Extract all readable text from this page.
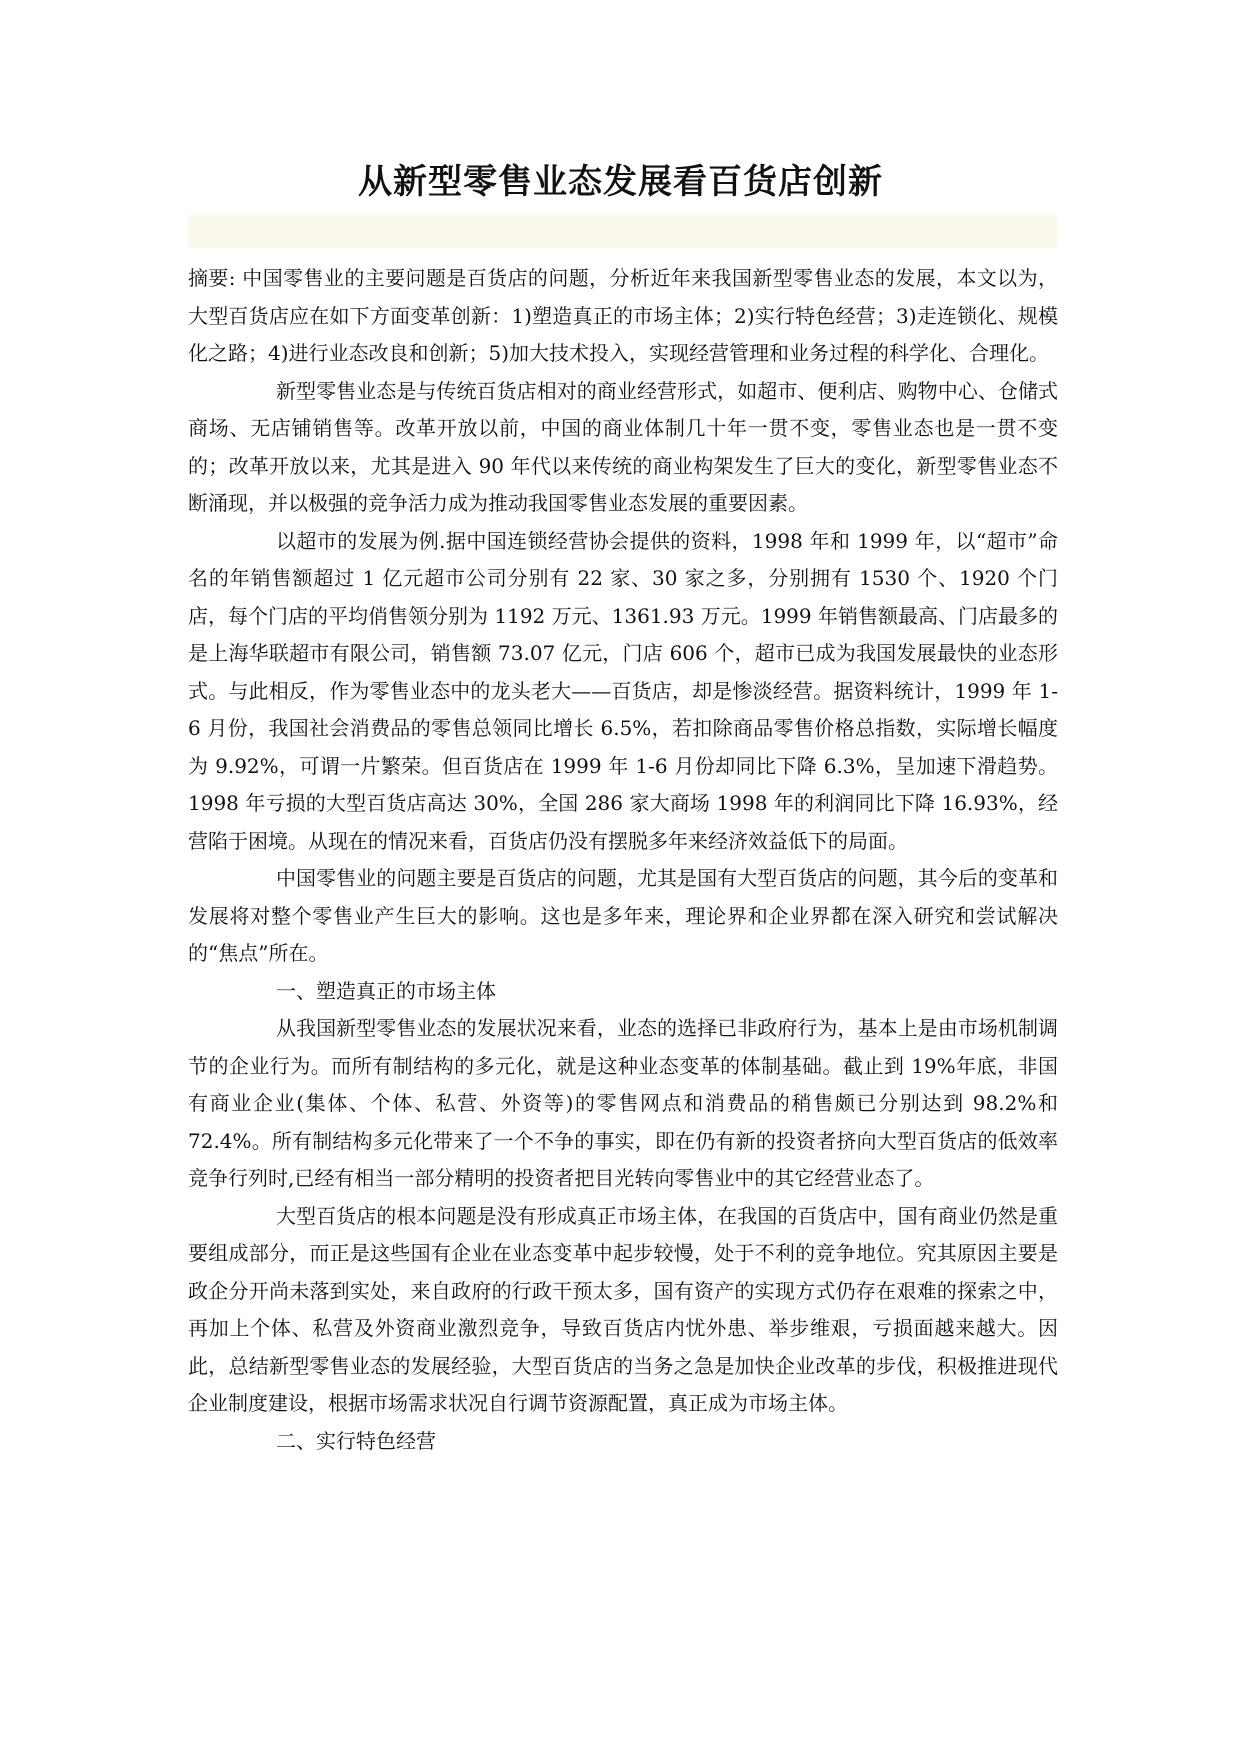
从新型零售业态发展看百货店创新

摘要: 中国零售业的主要问题是百货店的问题，分析近年来我国新型零售业态的发展，本文以为，大型百货店应在如下方面变革创新：1)塑造真正的市场主体；2)实行特色经营；3)走连锁化、规模化之路；4)进行业态改良和创新；5)加大技术投入，实现经营管理和业务过程的科学化、合理化。

新型零售业态是与传统百货店相对的商业经营形式，如超市、便利店、购物中心、仓储式商场、无店铺销售等。改革开放以前，中国的商业体制几十年一贯不变，零售业态也是一贯不变的；改革开放以来，尤其是进入 90 年代以来传统的商业构架发生了巨大的变化，新型零售业态不断涌现，并以极强的竞争活力成为推动我国零售业态发展的重要因素。

以超市的发展为例.据中国连锁经营协会提供的资料，1998 年和 1999 年，以“超市”命名的年销售额超过 1 亿元超市公司分别有 22 家、30 家之多，分别拥有 1530 个、1920 个门店，每个门店的平均俏售领分别为 1192 万元、1361.93 万元。1999 年销售额最高、门店最多的是上海华联超市有限公司，销售额 73.07 亿元，门店 606 个，超市已成为我国发展最快的业态形式。与此相反，作为零售业态中的龙头老大——百货店，却是惨淡经营。据资料统计，1999 年 1-6 月份，我国社会消费品的零售总领同比增长 6.5%，若扣除商品零售价格总指数，实际增长幅度为 9.92%，可谓一片繁荣。但百货店在 1999 年 1-6 月份却同比下降 6.3%，呈加速下滑趋势。1998 年亏损的大型百货店高达 30%，全国 286 家大商场 1998 年的利润同比下降 16.93%，经营陷于困境。从现在的情况来看，百货店仍没有摆脱多年来经济效益低下的局面。

中国零售业的问题主要是百货店的问题，尤其是国有大型百货店的问题，其今后的变革和发展将对整个零售业产生巨大的影响。这也是多年来，理论界和企业界都在深入研究和尝试解决的“焦点”所在。

一、塑造真正的市场主体

从我国新型零售业态的发展状况来看，业态的选择已非政府行为，基本上是由市场机制调节的企业行为。而所有制结构的多元化，就是这种业态变革的体制基础。截止到 19%年底，非国有商业企业(集体、个体、私营、外资等)的零售网点和消费品的稍售颇已分别达到 98.2%和 72.4%。所有制结构多元化带来了一个不争的事实，即在仍有新的投资者挤向大型百货店的低效率竞争行列时,已经有相当一部分精明的投资者把目光转向零售业中的其它经营业态了。

大型百货店的根本问题是没有形成真正市场主体，在我国的百货店中，国有商业仍然是重要组成部分，而正是这些国有企业在业态变革中起步较慢，处于不利的竞争地位。究其原因主要是政企分开尚未落到实处，来自政府的行政干预太多，国有资产的实现方式仍存在艰难的探索之中，再加上个体、私营及外资商业激烈竞争，导致百货店内忧外患、举步维艰，亏损面越来越大。因此，总结新型零售业态的发展经验，大型百货店的当务之急是加快企业改革的步伐，积极推进现代企业制度建设，根据市场需求状况自行调节资源配置，真正成为市场主体。

二、实行特色经营
